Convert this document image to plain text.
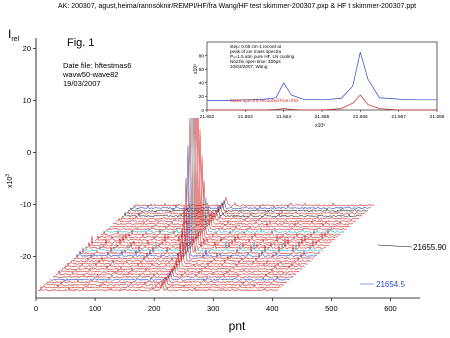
20
10
0
-10
-20
0	100	200	300	400	500	600
$I_{rel}$
$x10^3$
pnt
21655.90
21654.5
0
20
40
60
80
21.652	21.653	21.654	21.655	21.656	21.657	21.658
x10³
x10³
Mass spectra recorded from this
step: 0.05 cm-1 record at
peak of ion mass spectra
Pₓ=1.5 atm pure HF, LN cooling
Nozzle open time: 300μs
10/03/2007, Wang
AK: 200307, agust,heima/rannsóknir/REMPI/HF/fra Wang/HF test skimmer-200307.pxp & HF t skimmer-200307.ppt
Fig. 1
Date file: hftestmas6
wavw50-wave82
19/03/2007
